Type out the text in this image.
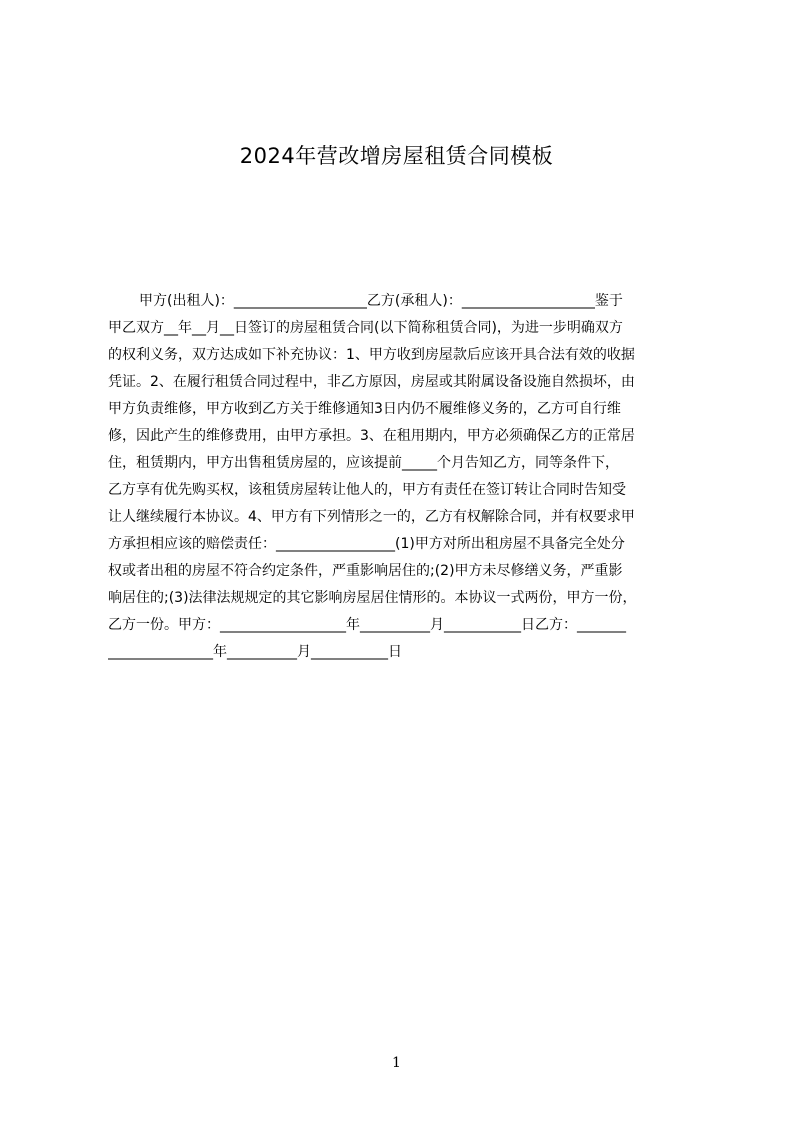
2024年营改增房屋租赁合同模板
甲方(出租人)：___________________乙方(承租人)：___________________鉴于
甲乙双方__年__月__日签订的房屋租赁合同(以下简称租赁合同)，为进一步明确双方
的权利义务，双方达成如下补充协议：1、甲方收到房屋款后应该开具合法有效的收据
凭证。2、在履行租赁合同过程中，非乙方原因，房屋或其附属设备设施自然损坏，由
甲方负责维修，甲方收到乙方关于维修通知3日内仍不履维修义务的，乙方可自行维
修，因此产生的维修费用，由甲方承担。3、在租用期内，甲方必须确保乙方的正常居
住，租赁期内，甲方出售租赁房屋的，应该提前_____个月告知乙方，同等条件下，
乙方享有优先购买权，该租赁房屋转让他人的，甲方有责任在签订转让合同时告知受
让人继续履行本协议。4、甲方有下列情形之一的，乙方有权解除合同，并有权要求甲
方承担相应该的赔偿责任：_________________(1)甲方对所出租房屋不具备完全处分
权或者出租的房屋不符合约定条件，严重影响居住的;(2)甲方未尽修缮义务，严重影
响居住的;(3)法律法规规定的其它影响房屋居住情形的。本协议一式两份，甲方一份，
乙方一份。甲方：__________________年__________月___________日乙方：_______
_______________年__________月___________日
1
